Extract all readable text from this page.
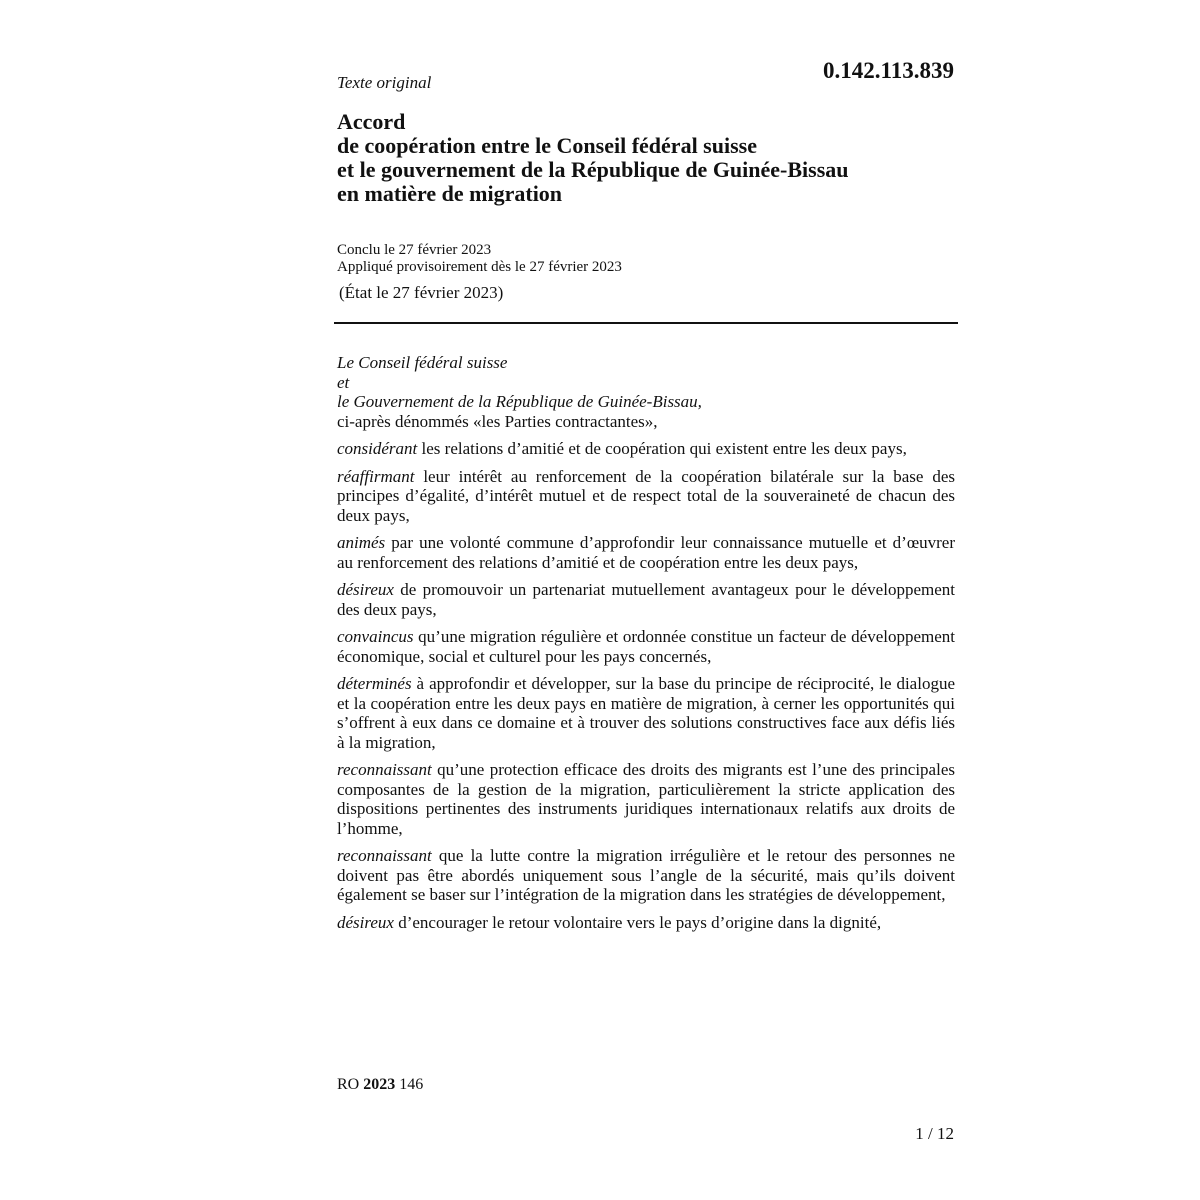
Texte original	0.142.113.839
Accord
de coopération entre le Conseil fédéral suisse
et le gouvernement de la République de Guinée-Bissau
en matière de migration
Conclu le 27 février 2023
Appliqué provisoirement dès le 27 février 2023
(État le 27 février 2023)
Le Conseil fédéral suisse
et
le Gouvernement de la République de Guinée-Bissau,
ci-après dénommés «les Parties contractantes»,

considérant les relations d’amitié et de coopération qui existent entre les deux pays,

réaffirmant leur intérêt au renforcement de la coopération bilatérale sur la base des principes d’égalité, d’intérêt mutuel et de respect total de la souveraineté de chacun des deux pays,

animés par une volonté commune d’approfondir leur connaissance mutuelle et d’œuvrer au renforcement des relations d’amitié et de coopération entre les deux pays,

désireux de promouvoir un partenariat mutuellement avantageux pour le développement des deux pays,

convaincus qu’une migration régulière et ordonnée constitue un facteur de développement économique, social et culturel pour les pays concernés,

déterminés à approfondir et développer, sur la base du principe de réciprocité, le dialogue et la coopération entre les deux pays en matière de migration, à cerner les opportunités qui s’offrent à eux dans ce domaine et à trouver des solutions constructives face aux défis liés à la migration,

reconnaissant qu’une protection efficace des droits des migrants est l’une des principales composantes de la gestion de la migration, particulièrement la stricte application des dispositions pertinentes des instruments juridiques internationaux relatifs aux droits de l’homme,

reconnaissant que la lutte contre la migration irrégulière et le retour des personnes ne doivent pas être abordés uniquement sous l’angle de la sécurité, mais qu’ils doivent également se baser sur l’intégration de la migration dans les stratégies de développement,

désireux d’encourager le retour volontaire vers le pays d’origine dans la dignité,

RO 2023 146
1 / 12
